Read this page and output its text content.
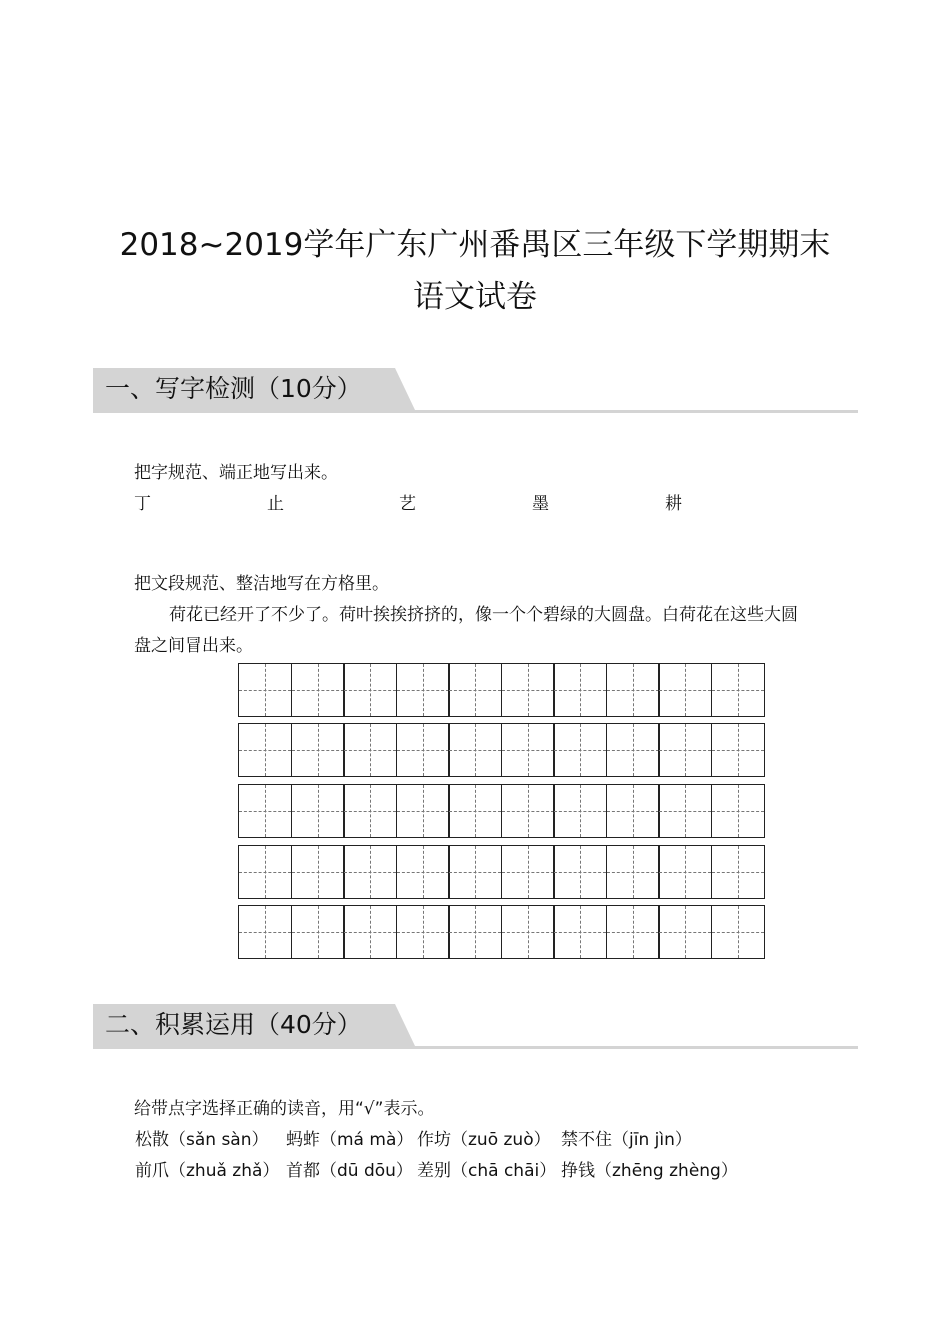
2018~2019学年广东广州番禺区三年级下学期期末
语文试卷
一、写字检测（10分）
把字规范、端正地写出来。
丁	止	艺	墨	耕
把文段规范、整洁地写在方格里。
荷花已经开了不少了。荷叶挨挨挤挤的，像一个个碧绿的大圆盘。白荷花在这些大圆
盘之间冒出来。
二、积累运用（40分）
给带点字选择正确的读音，用“√”表示。
松散（sǎn sàn） 蚂蚱（má mà） 作坊（zuō zuò） 禁不住（jīn jìn）
前爪（zhuǎ zhǎ） 首都（dū dōu） 差别（chā chāi） 挣钱（zhēng zhèng）
